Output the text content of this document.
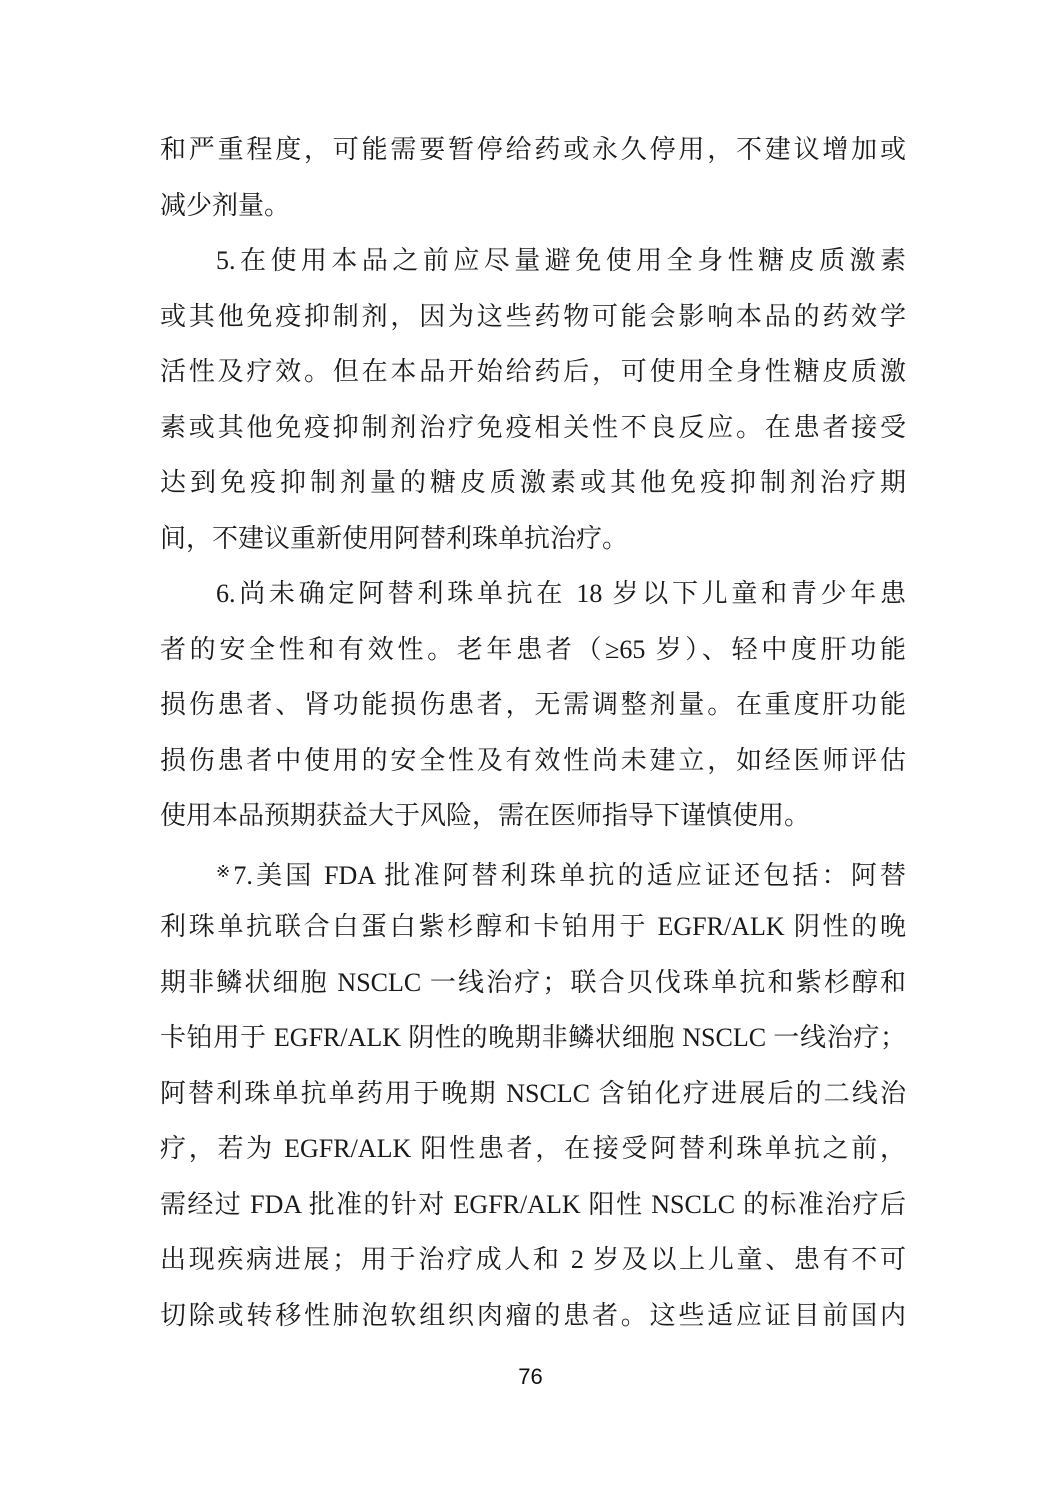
和严重程度，可能需要暂停给药或永久停用，不建议增加或
减少剂量。
5.在使用本品之前应尽量避免使用全身性糖皮质激素
或其他免疫抑制剂，因为这些药物可能会影响本品的药效学
活性及疗效。但在本品开始给药后，可使用全身性糖皮质激
素或其他免疫抑制剂治疗免疫相关性不良反应。在患者接受
达到免疫抑制剂量的糖皮质激素或其他免疫抑制剂治疗期
间，不建议重新使用阿替利珠单抗治疗。
6.尚未确定阿替利珠单抗在 18 岁以下儿童和青少年患
者的安全性和有效性。老年患者（≥65 岁）、轻中度肝功能
损伤患者、肾功能损伤患者，无需调整剂量。在重度肝功能
损伤患者中使用的安全性及有效性尚未建立，如经医师评估
使用本品预期获益大于风险，需在医师指导下谨慎使用。
※7.美国 FDA 批准阿替利珠单抗的适应证还包括：阿替
利珠单抗联合白蛋白紫杉醇和卡铂用于 EGFR/ALK 阴性的晚
期非鳞状细胞 NSCLC 一线治疗；联合贝伐珠单抗和紫杉醇和
卡铂用于 EGFR/ALK 阴性的晚期非鳞状细胞 NSCLC 一线治疗；
阿替利珠单抗单药用于晚期 NSCLC 含铂化疗进展后的二线治
疗，若为 EGFR/ALK 阳性患者，在接受阿替利珠单抗之前，
需经过 FDA 批准的针对 EGFR/ALK 阳性 NSCLC 的标准治疗后
出现疾病进展；用于治疗成人和 2 岁及以上儿童、患有不可
切除或转移性肺泡软组织肉瘤的患者。这些适应证目前国内
76
